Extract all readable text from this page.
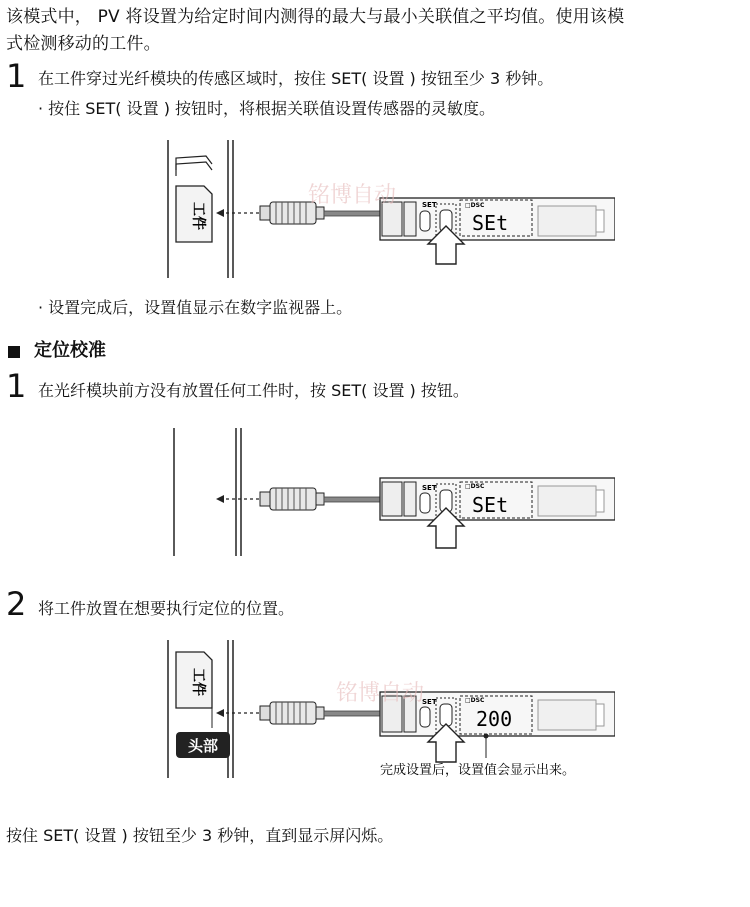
该模式中， PV 将设置为给定时间内测得的最大与最小关联值之平均值。使用该模
式检测移动的工件。
1 在工件穿过光纤模块的传感区域时，按住 SET( 设置 ) 按钮至少 3 秒钟。
· 按住 SET( 设置 ) 按钮时，将根据关联值设置传感器的灵敏度。
工件	SET	□DSC
SEt
铭博自动
· 设置完成后，设置值显示在数字监视器上。
定位校准
1 在光纤模块前方没有放置任何工件时，按 SET( 设置 ) 按钮。
SET	□DSC
SEt
2 将工件放置在想要执行定位的位置。
工件
头部
SET	□DSC
200
完成设置后，设置值会显示出来。
铭博自动
按住 SET( 设置 ) 按钮至少 3 秒钟，直到显示屏闪烁。
